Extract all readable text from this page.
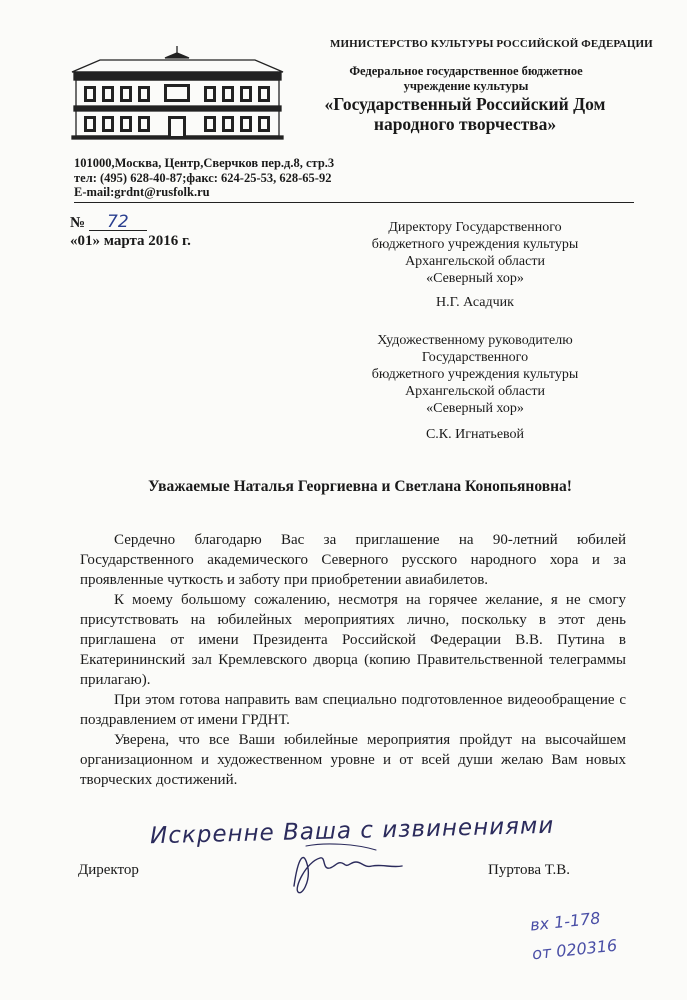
МИНИСТЕРСТВО КУЛЬТУРЫ РОССИЙСКОЙ ФЕДЕРАЦИИ
Федеральное государственное бюджетное
учреждение культуры
«Государственный Российский Дом
народного творчества»
101000,Москва, Центр,Сверчков пер.д.8, стр.3
тел: (495) 628-40-87;факс: 624-25-53, 628-65-92
E-mail:grdnt@rusfolk.ru
№ 72
«01» марта 2016 г.
Директору Государственного
бюджетного учреждения культуры
Архангельской области
«Северный хор»
Н.Г. Асадчик
Художественному руководителю
Государственного
бюджетного учреждения культуры
Архангельской области
«Северный хор»
С.К. Игнатьевой
Уважаемые Наталья Георгиевна и Светлана Конопьяновна!

Сердечно благодарю Вас за приглашение на 90-летний юбилей Государственного академического Северного русского народного хора и за проявленные чуткость и заботу при приобретении авиабилетов.

К моему большому сожалению, несмотря на горячее желание, я не смогу присутствовать на юбилейных мероприятиях лично, поскольку в этот день приглашена от имени Президента Российской Федерации В.В. Путина в Екатерининский зал Кремлевского дворца (копию Правительственной телеграммы прилагаю).

При этом готова направить вам специально подготовленное видеообращение с поздравлением от имени ГРДНТ.

Уверена, что все Ваши юбилейные мероприятия пройдут на высочайшем организационном и художественном уровне и от всей души желаю Вам новых творческих достижений.

Искренне Ваша с извинениями
Директор	Пуртова Т.В.
вх 1-178
от 020316
